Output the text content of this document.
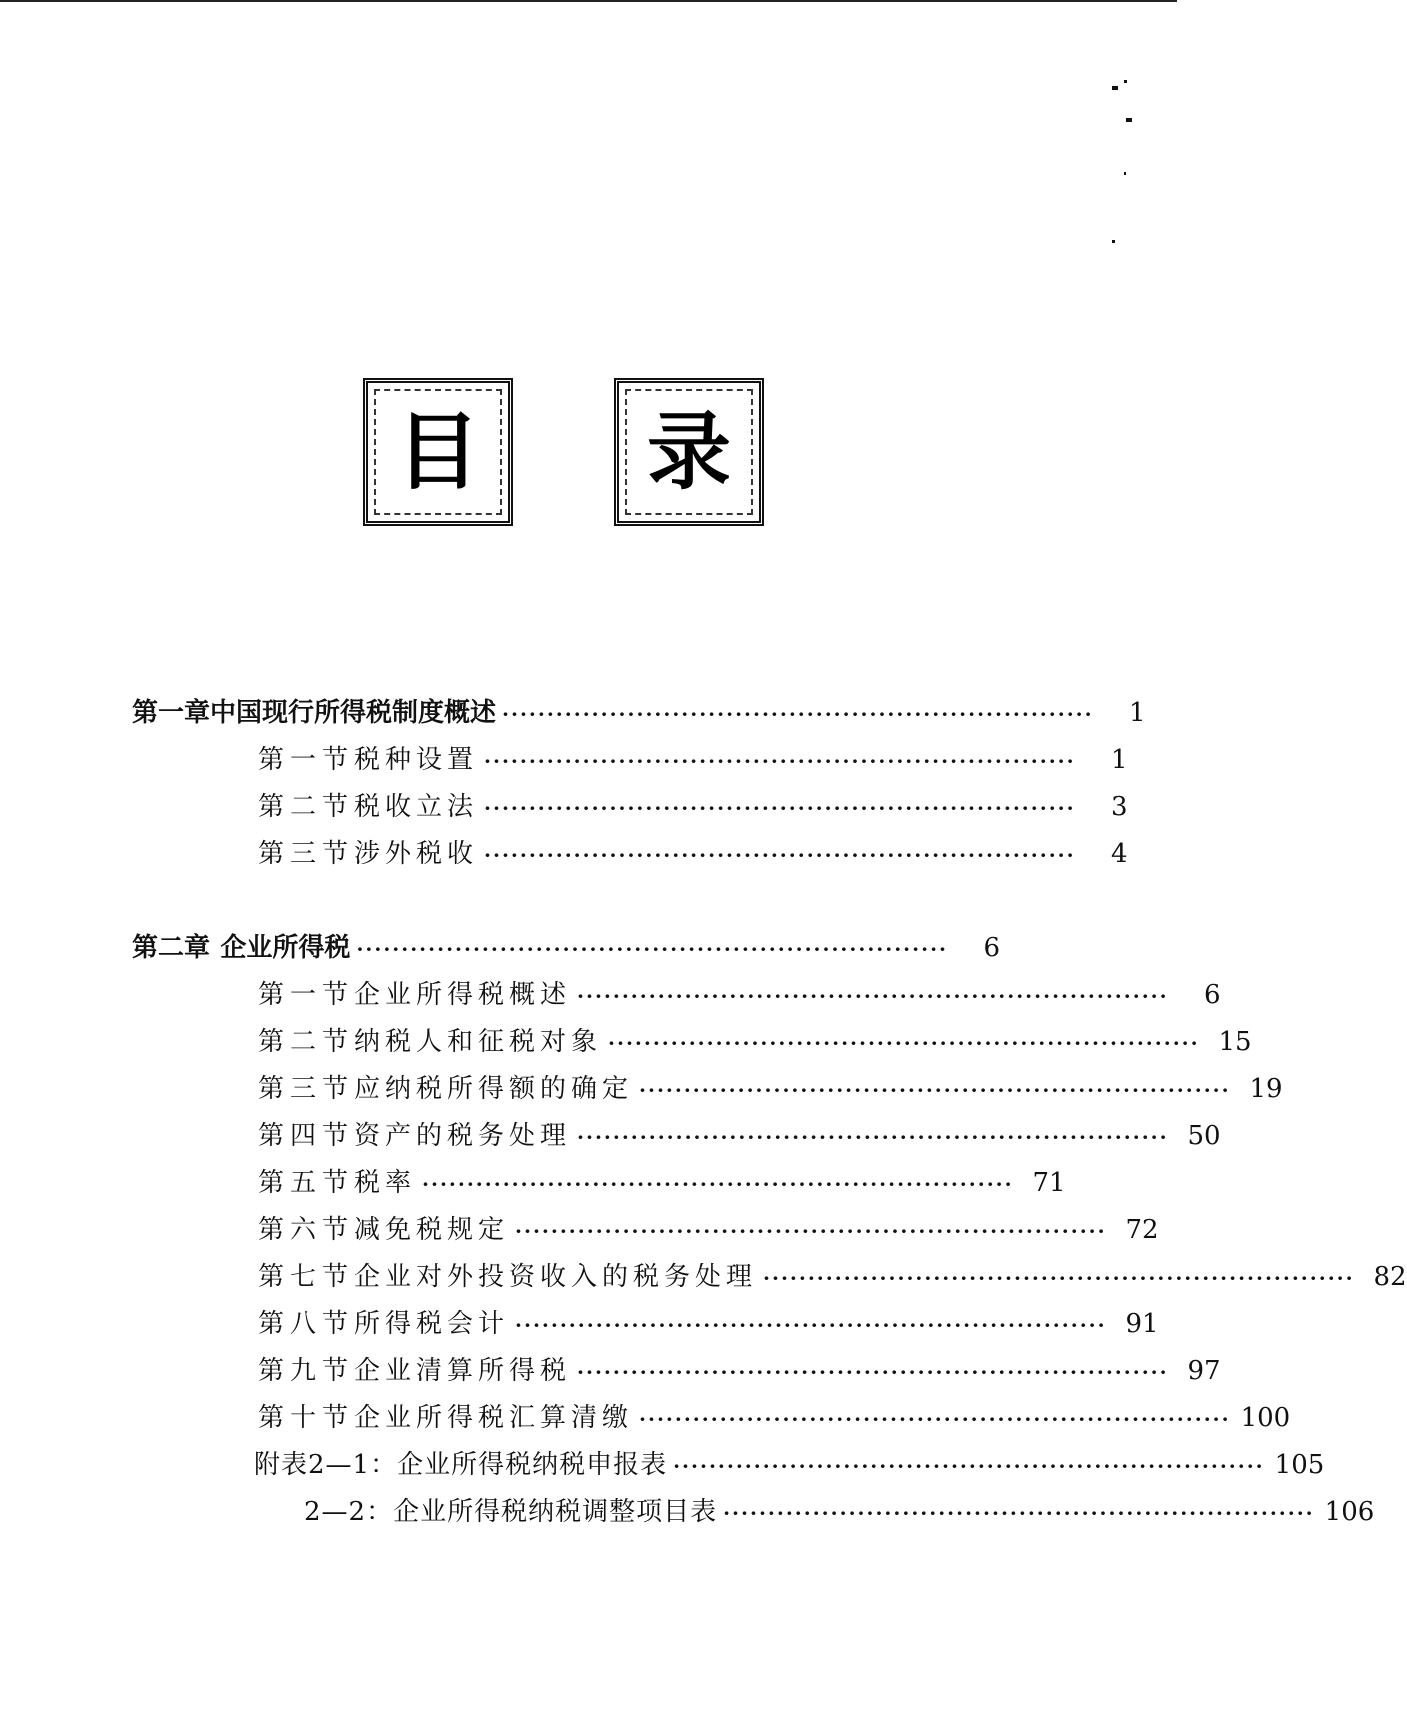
目 录
第一章 中国现行所得税制度概述 ··································································	1
第一节 税种设置 ··································································	1
第二节 税收立法 ··································································	3
第三节 涉外税收 ··································································	4
第二章 企业所得税 ··································································	6
第一节 企业所得税概述 ··································································	6
第二节 纳税人和征税对象 ·································································· 15
第三节 应纳税所得额的确定 ·································································· 19
第四节 资产的税务处理 ·································································· 50
第五节 税率 ·································································· 71
第六节 减免税规定 ·································································· 72
第七节 企业对外投资收入的税务处理 ·································································· 82
第八节 所得税会计 ·································································· 91
第九节 企业清算所得税 ·································································· 97
第十节 企业所得税汇算清缴 ·································································· 100
附表2—1：企业所得税纳税申报表 ·································································· 105
2—2：企业所得税纳税调整项目表 ·································································· 106
